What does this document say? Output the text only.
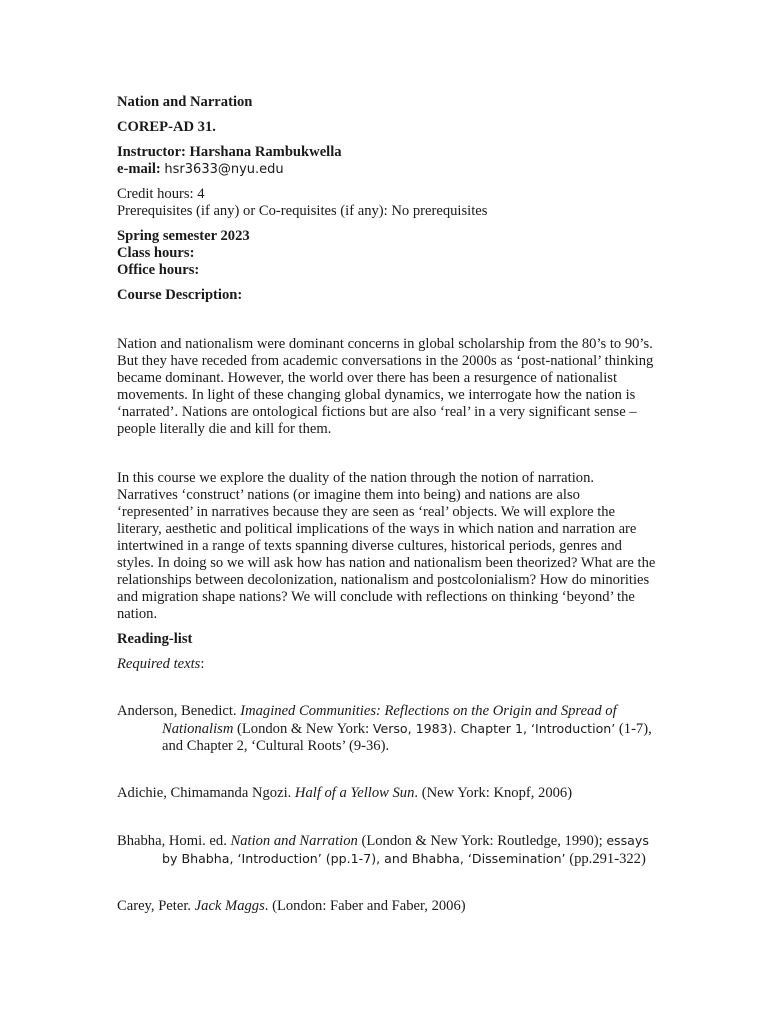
Nation and Narration
COREP-AD 31.
Instructor: Harshana Rambukwella
e-mail: hsr3633@nyu.edu
Credit hours: 4
Prerequisites (if any) or Co-requisites (if any): No prerequisites
Spring semester 2023
Class hours:
Office hours:
Course Description:
Nation and nationalism were dominant concerns in global scholarship from the 80’s to 90’s. But they have receded from academic conversations in the 2000s as ‘post-national’ thinking became dominant. However, the world over there has been a resurgence of nationalist movements. In light of these changing global dynamics, we interrogate how the nation is ‘narrated’. Nations are ontological fictions but are also ‘real’ in a very significant sense – people literally die and kill for them.
In this course we explore the duality of the nation through the notion of narration. Narratives ‘construct’ nations (or imagine them into being) and nations are also ‘represented’ in narratives because they are seen as ‘real’ objects. We will explore the literary, aesthetic and political implications of the ways in which nation and narration are intertwined in a range of texts spanning diverse cultures, historical periods, genres and styles. In doing so we will ask how has nation and nationalism been theorized? What are the relationships between decolonization, nationalism and postcolonialism? How do minorities and migration shape nations? We will conclude with reflections on thinking ‘beyond’ the nation.
Reading-list
Required texts:
Anderson, Benedict. Imagined Communities: Reflections on the Origin and Spread of Nationalism (London & New York: Verso, 1983). Chapter 1, ‘Introduction’ (1-7), and Chapter 2, ‘Cultural Roots’ (9-36).
Adichie, Chimamanda Ngozi. Half of a Yellow Sun. (New York: Knopf, 2006)
Bhabha, Homi. ed. Nation and Narration (London & New York: Routledge, 1990); essays by Bhabha, ‘Introduction’ (pp.1-7), and Bhabha, ‘Dissemination’ (pp.291-322)
Carey, Peter. Jack Maggs. (London: Faber and Faber, 2006)
